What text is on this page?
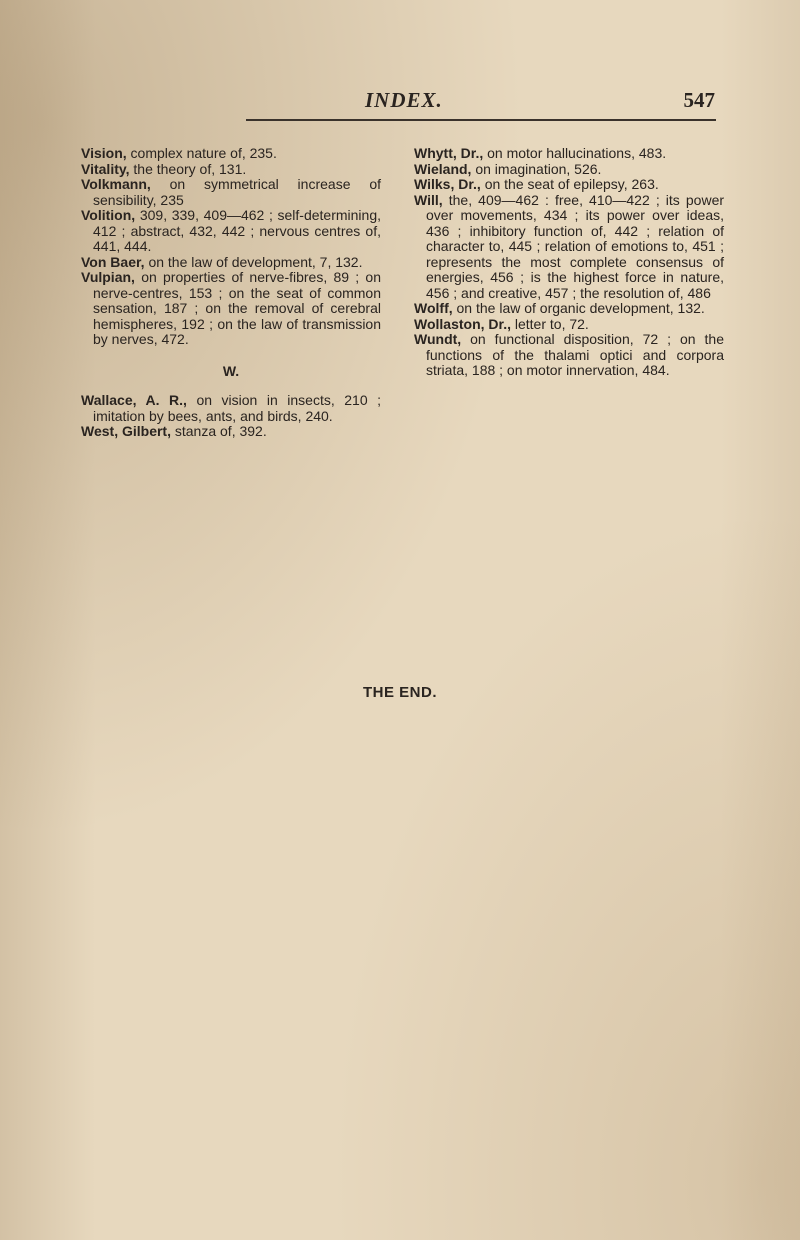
INDEX.	547

Vision, complex nature of, 235.

Vitality, the theory of, 131.

Volkmann, on symmetrical increase of sensibility, 235

Volition, 309, 339, 409—462 ; self-determining, 412 ; abstract, 432, 442 ; nervous centres of, 441, 444.

Von Baer, on the law of development, 7, 132.

Vulpian, on properties of nerve-fibres, 89 ; on nerve-centres, 153 ; on the seat of common sensation, 187 ; on the removal of cerebral hemispheres, 192 ; on the law of transmission by nerves, 472.

W.

Wallace, A. R., on vision in insects, 210 ; imitation by bees, ants, and birds, 240.

West, Gilbert, stanza of, 392.

Whytt, Dr., on motor hallucinations, 483.

Wieland, on imagination, 526.

Wilks, Dr., on the seat of epilepsy, 263.

Will, the, 409—462 : free, 410—422 ; its power over movements, 434 ; its power over ideas, 436 ; inhibitory function of, 442 ; relation of character to, 445 ; relation of emotions to, 451 ; represents the most complete consensus of energies, 456 ; is the highest force in nature, 456 ; and creative, 457 ; the resolution of, 486

Wolff, on the law of organic development, 132.

Wollaston, Dr., letter to, 72.

Wundt, on functional disposition, 72 ; on the functions of the thalami optici and corpora striata, 188 ; on motor innervation, 484.

THE END.
